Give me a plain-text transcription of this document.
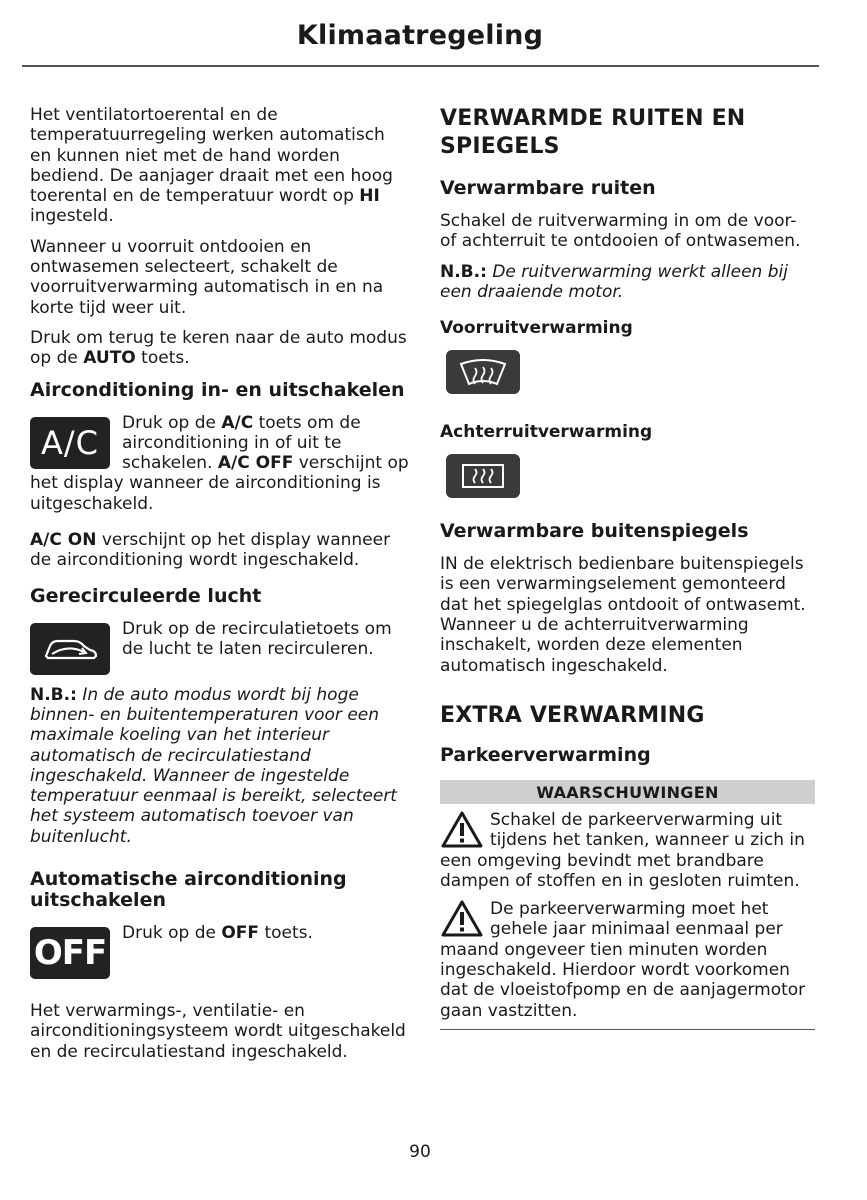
Klimaatregeling

Het ventilatortoerental en de temperatuurregeling werken automatisch en kunnen niet met de hand worden bediend. De aanjager draait met een hoog toerental en de temperatuur wordt op HI ingesteld.

Wanneer u voorruit ontdooien en ontwasemen selecteert, schakelt de voorruitverwarming automatisch in en na korte tijd weer uit.

Druk om terug te keren naar de auto modus op de AUTO toets.

Airconditioning in- en uitschakelen
A/C

Druk op de A/C toets om de airconditioning in of uit te schakelen. A/C OFF verschijnt op het display wanneer de airconditioning is uitgeschakeld.

A/C ON verschijnt op het display wanneer de airconditioning wordt ingeschakeld.

Gerecirculeerde lucht

Druk op de recirculatietoets om de lucht te laten recirculeren.

N.B.: In de auto modus wordt bij hoge binnen- en buitentemperaturen voor een maximale koeling van het interieur automatisch de recirculatiestand ingeschakeld. Wanneer de ingestelde temperatuur eenmaal is bereikt, selecteert het systeem automatisch toevoer van buitenlucht.

Automatische airconditioning uitschakelen
OFF Druk op de OFF toets.

Het verwarmings-, ventilatie- en airconditioningsysteem wordt uitgeschakeld en de recirculatiestand ingeschakeld.

VERWARMDE RUITEN EN SPIEGELS
Verwarmbare ruiten

Schakel de ruitverwarming in om de voor- of achterruit te ontdooien of ontwasemen.

N.B.: De ruitverwarming werkt alleen bij een draaiende motor.

Voorruitverwarming
Achterruitverwarming
Verwarmbare buitenspiegels

IN de elektrisch bedienbare buitenspiegels is een verwarmingselement gemonteerd dat het spiegelglas ontdooit of ontwasemt. Wanneer u de achterruitverwarming inschakelt, worden deze elementen automatisch ingeschakeld.

EXTRA VERWARMING
Parkeerverwarming
WAARSCHUWINGEN

Schakel de parkeerverwarming uit tijdens het tanken, wanneer u zich in een omgeving bevindt met brandbare dampen of stoffen en in gesloten ruimten.

De parkeerverwarming moet het gehele jaar minimaal eenmaal per maand ongeveer tien minuten worden ingeschakeld. Hierdoor wordt voorkomen dat de vloeistofpomp en de aanjagermotor gaan vastzitten.

90
